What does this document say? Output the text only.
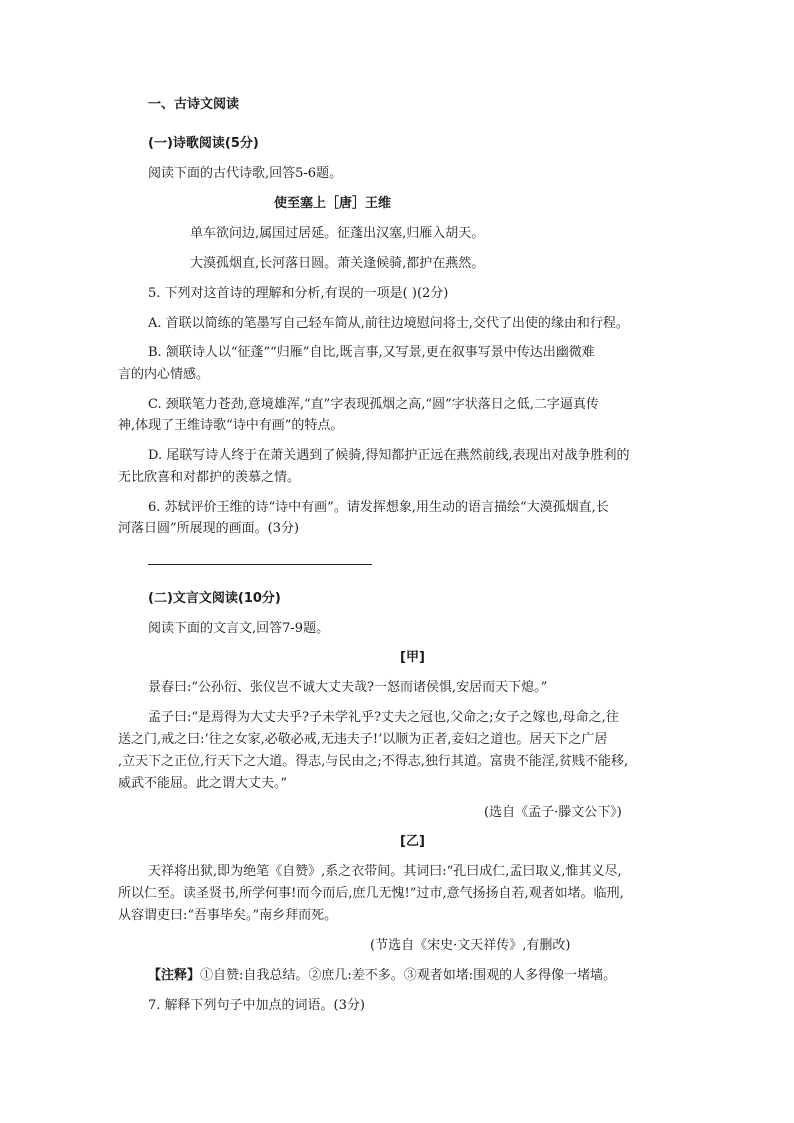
一、古诗文阅读
(一)诗歌阅读(5分)
阅读下面的古代诗歌,回答5-6题。
使至塞上［唐］王维
单车欲问边,属国过居延。征蓬出汉塞,归雁入胡天。
大漠孤烟直,长河落日圆。萧关逢候骑,都护在燕然。
5. 下列对这首诗的理解和分析,有误的一项是( )(2分)
A. 首联以简练的笔墨写自己轻车简从,前往边境慰问将士,交代了出使的缘由和行程。
B. 颔联诗人以“征蓬”“归雁”自比,既言事,又写景,更在叙事写景中传达出幽微难
言的内心情感。
C. 颈联笔力苍劲,意境雄浑,“直”字表现孤烟之高,“圆”字状落日之低,二字逼真传
神,体现了王维诗歌“诗中有画”的特点。
D. 尾联写诗人终于在萧关遇到了候骑,得知都护正远在燕然前线,表现出对战争胜利的
无比欣喜和对都护的羡慕之情。
6. 苏轼评价王维的诗“诗中有画”。请发挥想象,用生动的语言描绘“大漠孤烟直,长
河落日圆”所展现的画面。(3分)
(二)文言文阅读(10分)
阅读下面的文言文,回答7-9题。
[甲]
景春曰:“公孙衍、张仪岂不诚大丈夫哉?一怒而诸侯惧,安居而天下熄。”
孟子曰:“是焉得为大丈夫乎?子未学礼乎?丈夫之冠也,父命之;女子之嫁也,母命之,往
送之门,戒之曰:‘往之女家,必敬必戒,无违夫子!’以顺为正者,妾妇之道也。居天下之广居
,立天下之正位,行天下之大道。得志,与民由之;不得志,独行其道。富贵不能淫,贫贱不能移,
威武不能屈。此之谓大丈夫。”
(选自《孟子·滕文公下》)
[乙]
天祥将出狱,即为绝笔《自赞》,系之衣带间。其词曰:“孔曰成仁,孟曰取义,惟其义尽,
所以仁至。读圣贤书,所学何事!而今而后,庶几无愧!”过市,意气扬扬自若,观者如堵。临刑,
从容谓吏曰:“吾事毕矣。”南乡拜而死。
(节选自《宋史·文天祥传》,有删改)
【注释】①自赞:自我总结。②庶几:差不多。③观者如堵:围观的人多得像一堵墙。
7. 解释下列句子中加点的词语。(3分)
